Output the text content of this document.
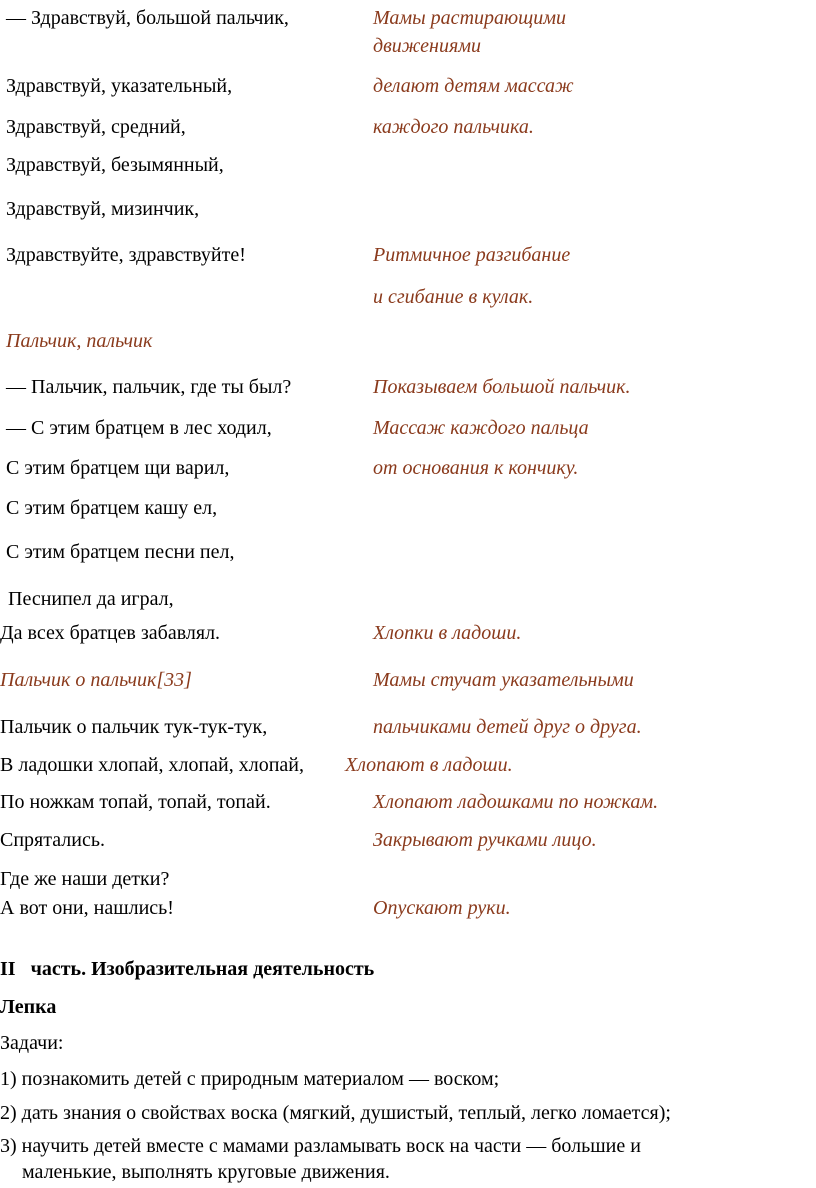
— Здравствуй, большой пальчик,
Здравствуй, указательный,
Здравствуй, средний,
Здравствуй, безымянный,
Здравствуй, мизинчик,
Здравствуйте, здравствуйте!
Мамы растирающими
движениями
делают детям массаж
каждого пальчика.
Ритмичное разгибание
и сгибание в кулак.
Пальчик, пальчик
— Пальчик, пальчик, где ты был?
— С этим братцем в лес ходил,
С этим братцем щи варил,
С этим братцем кашу ел,
С этим братцем песни пел,
Песнипел да играл,
Да всех братцев забавлял.
Показываем большой пальчик.
Массаж каждого пальца
от основания к кончику.
Хлопки в ладоши.
Пальчик о пальчик[33]
Пальчик о пальчик тук-тук-тук,
В ладошки хлопай, хлопай, хлопай,
По ножкам топай, топай, топай.
Спрятались.
Где же наши детки?
А вот они, нашлись!
Мамы стучат указательными
пальчиками детей друг о друга.
Хлопают в ладоши.
Хлопают ладошками по ножкам.
Закрывают ручками лицо.
Опускают руки.
II   часть. Изобразительная деятельность
Лепка
Задачи:
1) познакомить детей с природным материалом — воском;
2) дать знания о свойствах воска (мягкий, душистый, теплый, легко ломается);
3) научить детей вместе с мамами разламывать воск на части — большие и
маленькие, выполнять круговые движения.
